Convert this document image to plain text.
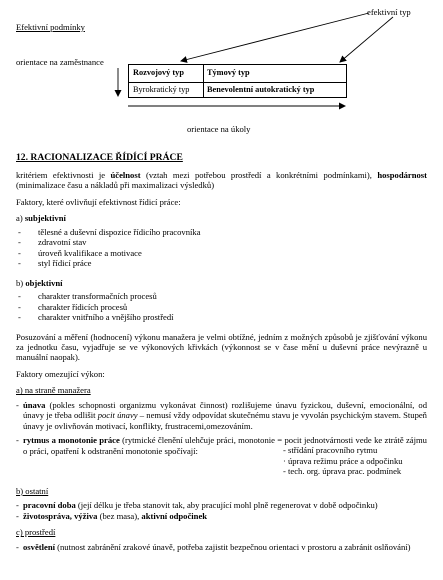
Efektivní podmínky
efektivní typ
orientace na zaměstnance
orientace na úkoly
Rozvojový typ	Týmový typ
Byrokratický typ Benevolentní autokratický typ
12. RACIONALIZACE ŘÍDÍCÍ PRÁCE

kritériem efektivnosti je účelnost (vztah mezi potřebou prostředí a konkrétními podmínkami), hospodárnost (minimalizace času a nákladů při maximalizaci výsledků)

Faktory, které ovlivňují efektivnost řídicí práce:
a) subjektivní
- tělesné a duševní dispozice řídicího pracovníka
- zdravotní stav
- úroveň kvalifikace a motivace
- styl řídicí práce
b) objektivní
- charakter transformačních procesů
- charakter řídicích procesů
- charakter vnitřního a vnějšího prostředí

Posuzování a měření (hodnocení) výkonu manažera je velmi obtížné, jedním z možných způsobů je zjišťování výkonu za jednotku času, vyjadřuje se ve výkonových křivkách (výkonnost se v čase mění u duševní práce nevýrazně u manuální naopak).

Faktory omezující výkon:
a) na straně manažera

- únava (pokles schopnosti organizmu vykonávat činnost) rozlišujeme únavu fyzickou, duševní, emocionální, od únavy je třeba odlišit pocit únavy – nemusí vždy odpovídat skutečnému stavu je vyvolán psychickým stavem. Stupeň únavy je ovlivňován motivací, konflikty, frustracemi,omezováním.

- rytmus a monotonie práce (rytmické členění ulehčuje práci, monotonie = pocit jednotvárnosti vede ke ztrátě zájmu o práci, opatření k odstranění monotonie spočívají:	- střídání pracovního rytmu
· úprava režimu práce a odpočinku
- tech. org. úprava prac. podmínek
b) ostatní
- pracovní doba (její délku je třeba stanovit tak, aby pracující mohl plně regenerovat v době odpočinku)
- životospráva, výživa (bez masa), aktivní odpočinek
c) prostředí

- osvětlení (nutnost zabránění zrakové únavě, potřeba zajistit bezpečnou orientaci v prostoru a zabránit oslňování)
